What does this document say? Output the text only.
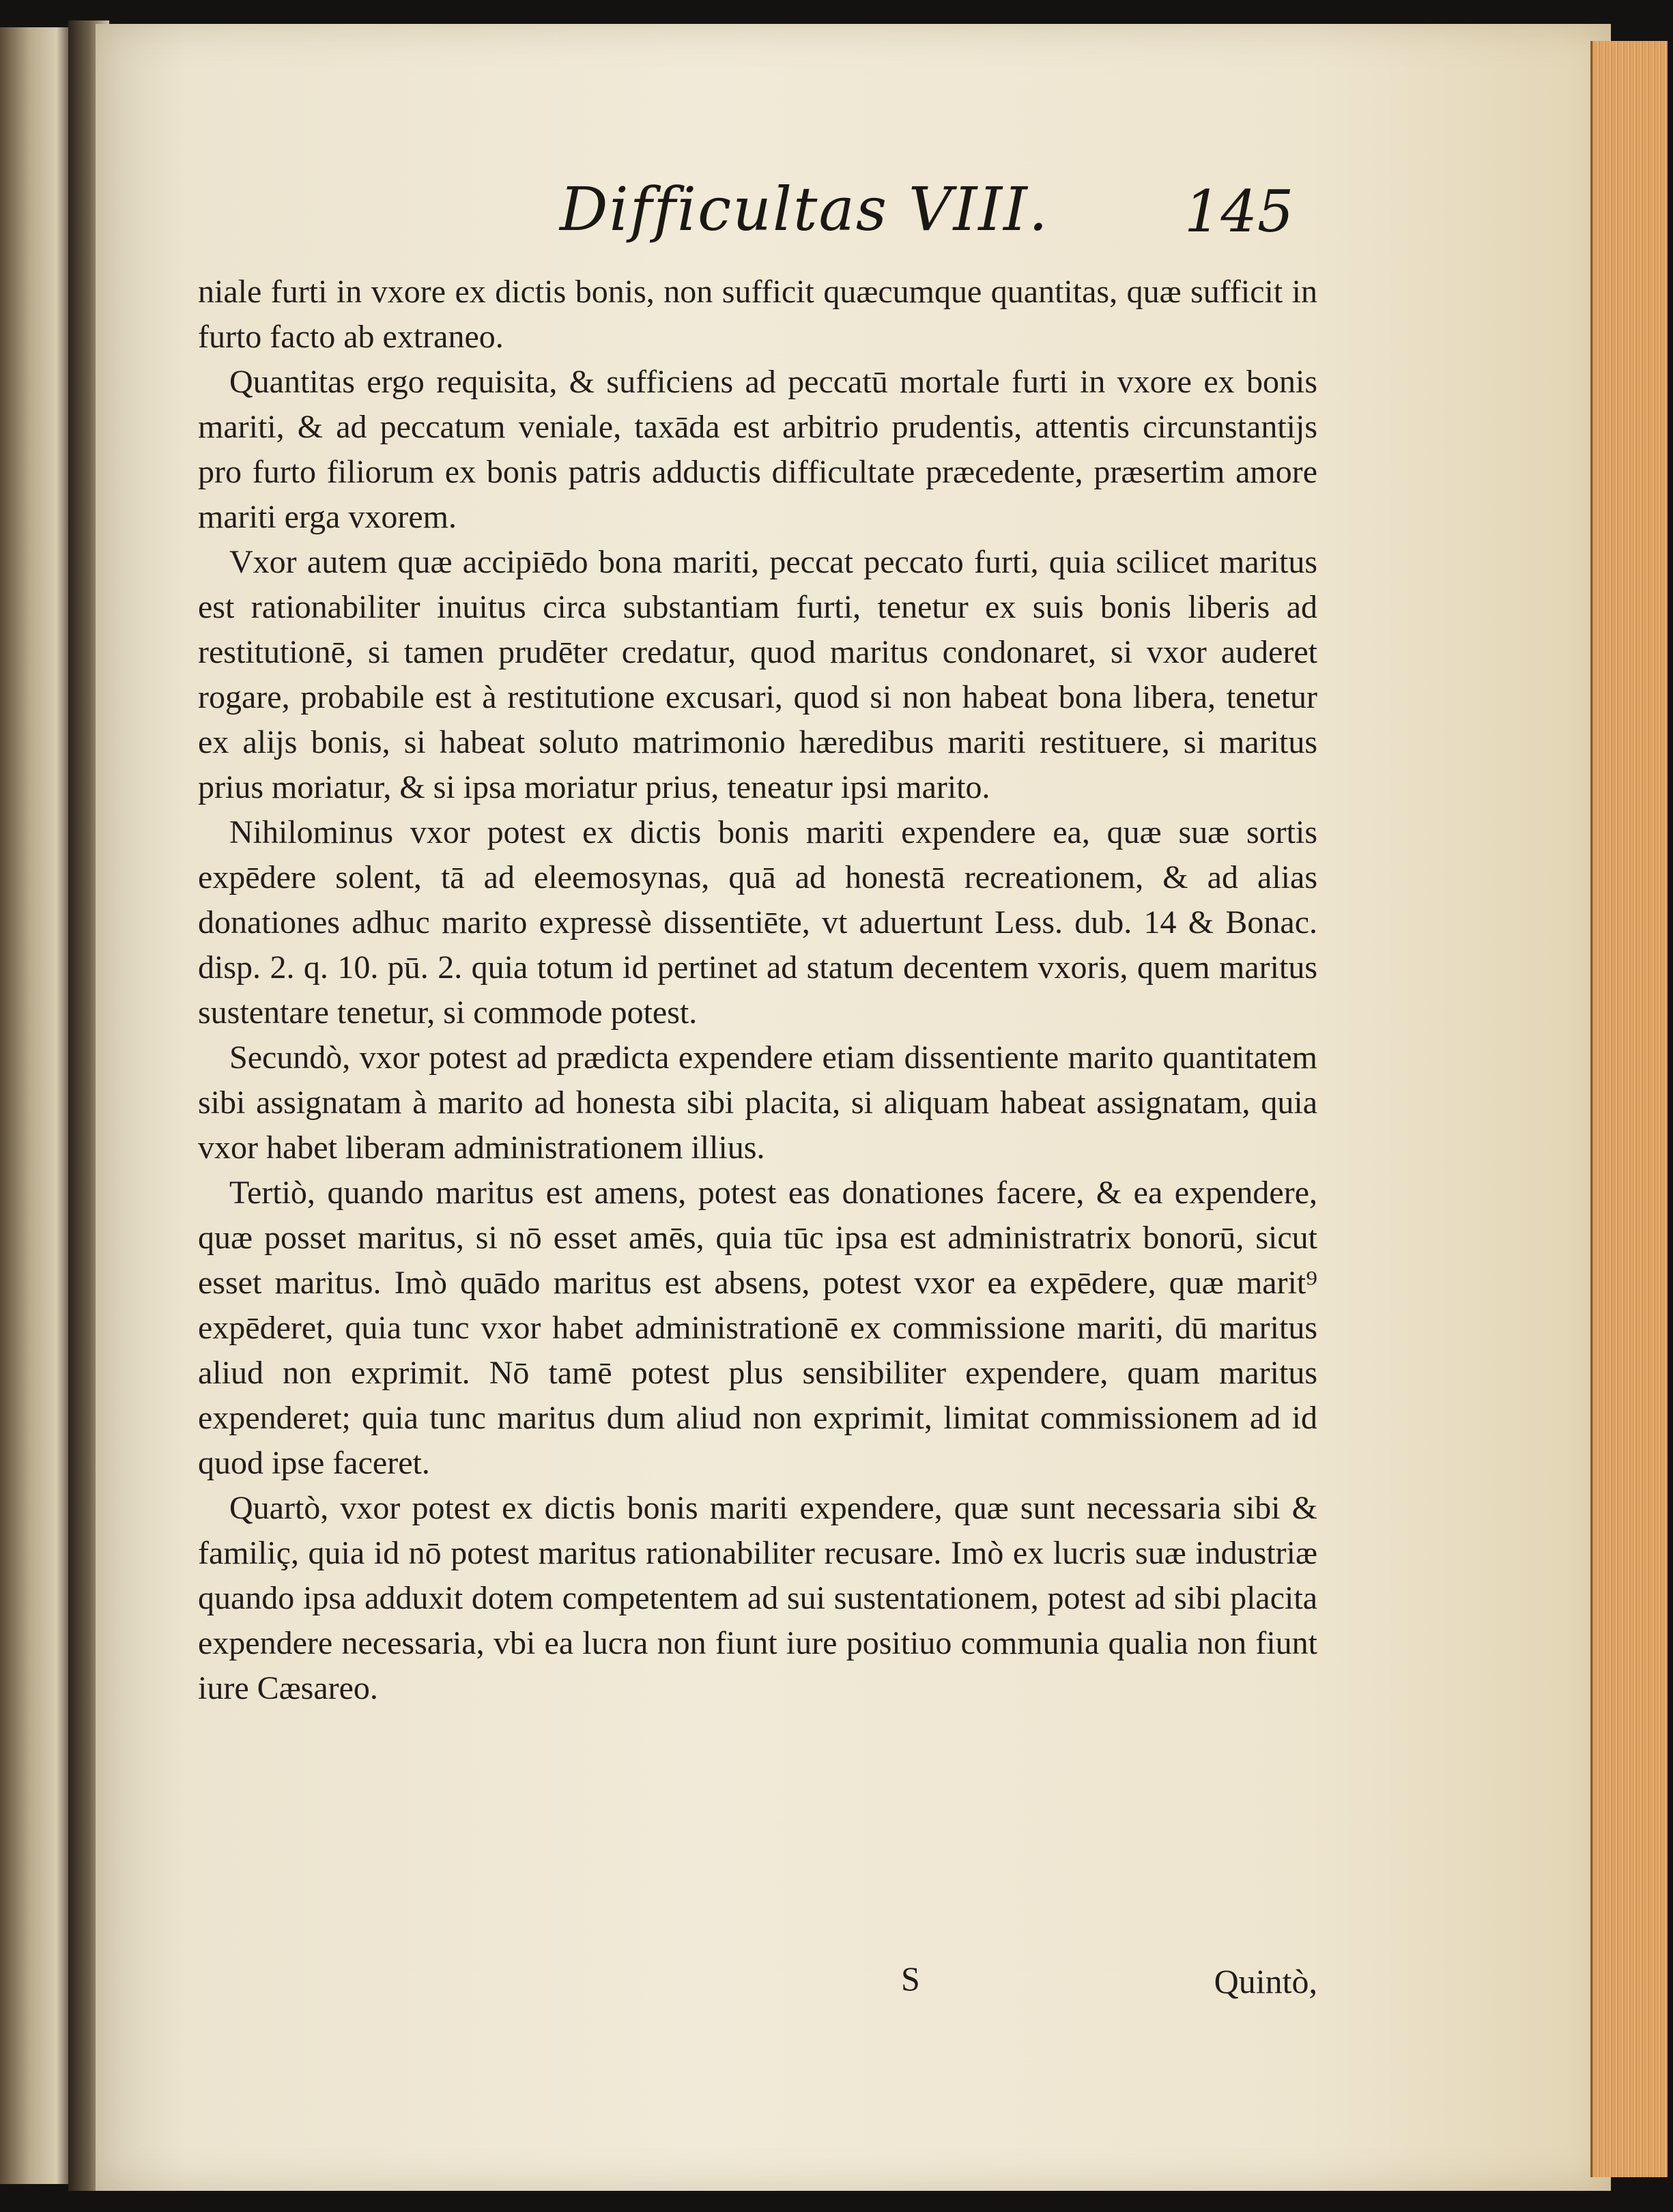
Difficultas VIII. 145

niale furti in vxore ex dictis bonis, non sufficit quæcumque quantitas, quæ sufficit in furto facto ab extraneo.

Quantitas ergo requisita, & sufficiens ad peccatū mortale furti in vxore ex bonis mariti, & ad peccatum veniale, taxāda est arbitrio prudentis, attentis circunstantijs pro furto filiorum ex bonis patris adductis difficultate præcedente, præsertim amore mariti erga vxorem.

Vxor autem quæ accipiēdo bona mariti, peccat peccato furti, quia scilicet maritus est rationabiliter inuitus circa substantiam furti, tenetur ex suis bonis liberis ad restitutionē, si tamen prudēter credatur, quod maritus condonaret, si vxor auderet rogare, probabile est à restitutione excusari, quod si non habeat bona libera, tenetur ex alijs bonis, si habeat soluto matrimonio hæredibus mariti restituere, si maritus prius moriatur, & si ipsa moriatur prius, teneatur ipsi marito.

Nihilominus vxor potest ex dictis bonis mariti expendere ea, quæ suæ sortis expēdere solent, tā ad eleemosynas, quā ad honestā recreationem, & ad alias donationes adhuc marito expressè dissentiēte, vt aduertunt Less. dub. 14 & Bonac. disp. 2. q. 10. pū. 2. quia totum id pertinet ad statum decentem vxoris, quem maritus sustentare tenetur, si commode potest.

Secundò, vxor potest ad prædicta expendere etiam dissentiente marito quantitatem sibi assignatam à marito ad honesta sibi placita, si aliquam habeat assignatam, quia vxor habet liberam administrationem illius.

Tertiò, quando maritus est amens, potest eas donationes facere, & ea expendere, quæ posset maritus, si nō esset amēs, quia tūc ipsa est administratrix bonorū, sicut esset maritus. Imò quādo maritus est absens, potest vxor ea expēdere, quæ marit⁹ expēderet, quia tunc vxor habet administrationē ex commissione mariti, dū maritus aliud non exprimit. Nō tamē potest plus sensibiliter expendere, quam maritus expenderet; quia tunc maritus dum aliud non exprimit, limitat commissionem ad id quod ipse faceret.

Quartò, vxor potest ex dictis bonis mariti expendere, quæ sunt necessaria sibi & familiç, quia id nō potest maritus rationabiliter recusare. Imò ex lucris suæ industriæ quando ipsa adduxit dotem competentem ad sui sustentationem, potest ad sibi placita expendere necessaria, vbi ea lucra non fiunt iure positiuo communia qualia non fiunt iure Cæsareo.

S	Quintò,
